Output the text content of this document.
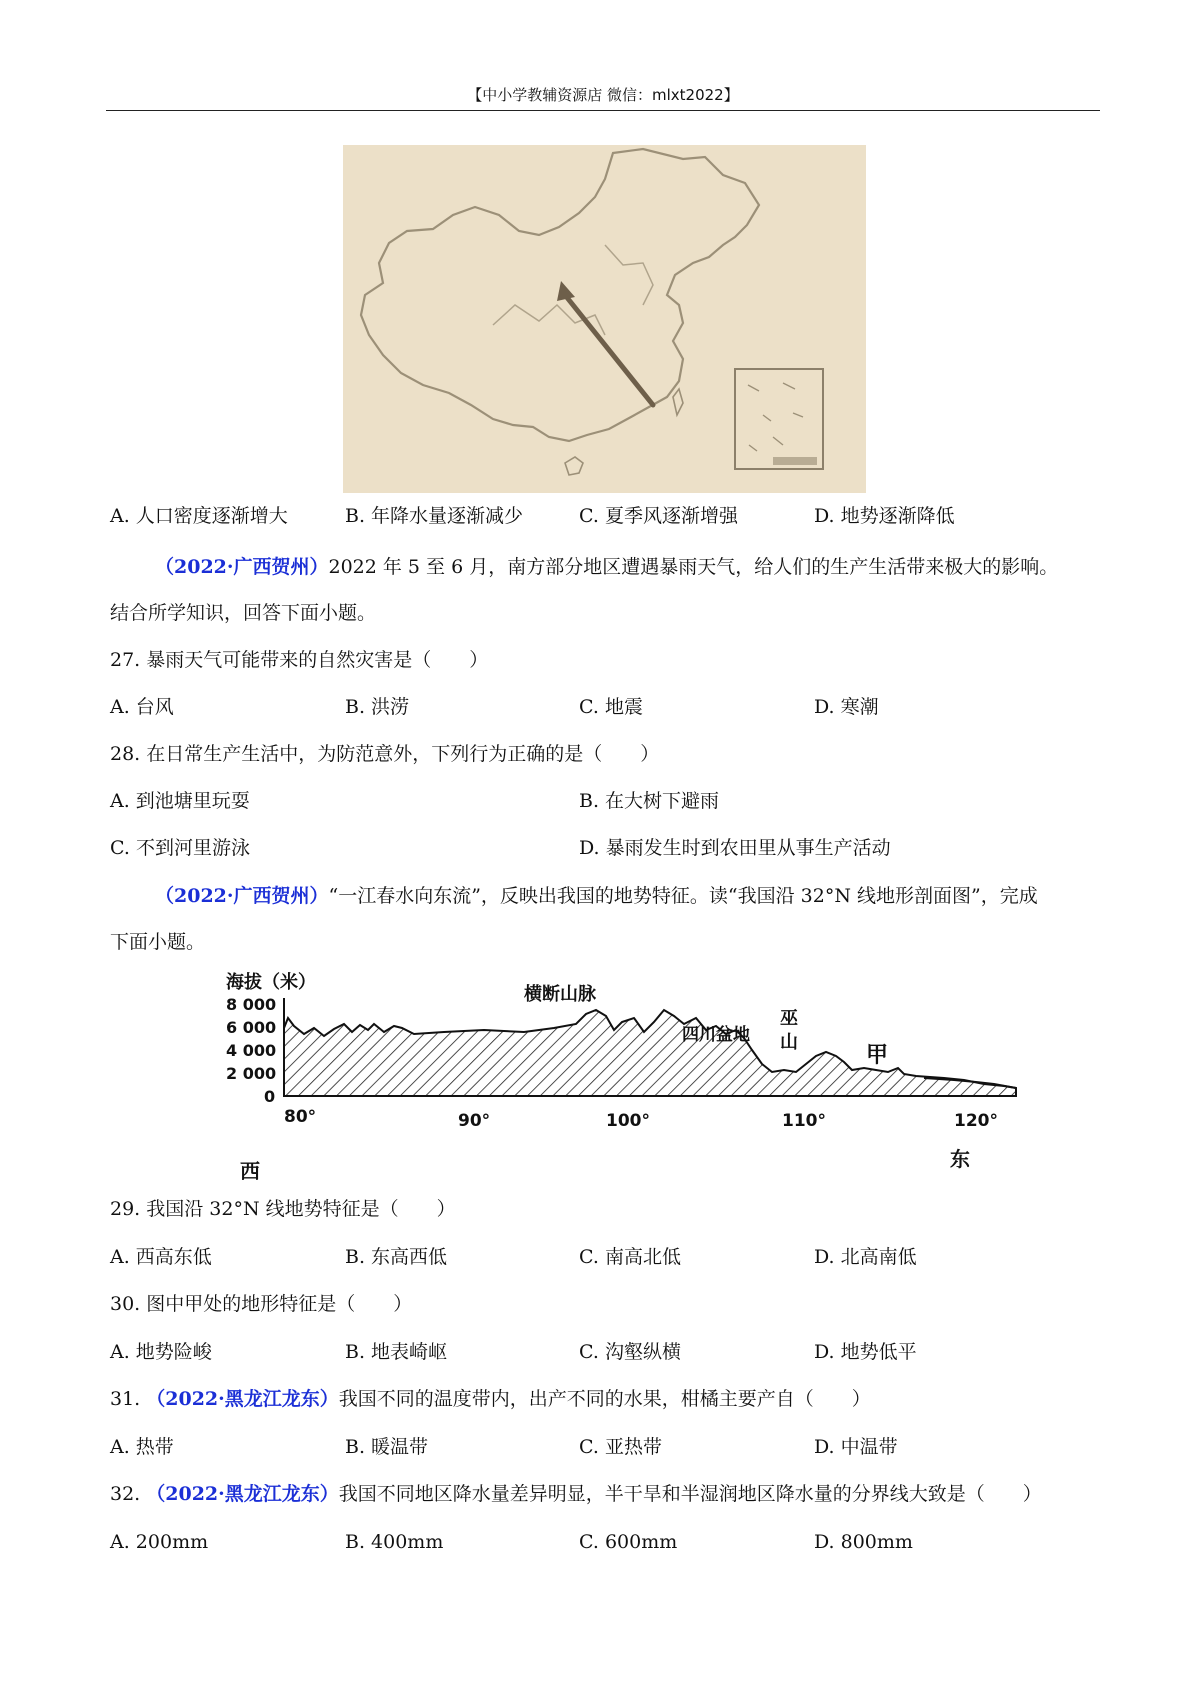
【中小学教辅资源店 微信：mlxt2022】
A. 人口密度逐渐增大	B. 年降水量逐渐减少	C. 夏季风逐渐增强	D. 地势逐渐降低
（2022·广西贺州）2022 年 5 至 6 月，南方部分地区遭遇暴雨天气，给人们的生产生活带来极大的影响。
结合所学知识，回答下面小题。
27. 暴雨天气可能带来的自然灾害是（　　）
A. 台风	B. 洪涝	C. 地震	D. 寒潮
28. 在日常生产生活中，为防范意外，下列行为正确的是（　　）
A. 到池塘里玩耍	B. 在大树下避雨
C. 不到河里游泳	D. 暴雨发生时到农田里从事生产活动
（2022·广西贺州）“一江春水向东流”，反映出我国的地势特征。读“我国沿 32°N 线地形剖面图”，完成
下面小题。
海拔（米）
8 000
6 000
4 000
2 000
0
80°	90°	100°	110°	120°
横断山脉
四川盆地
巫
山
甲
西	东
29. 我国沿 32°N 线地势特征是（　　）
A. 西高东低	B. 东高西低	C. 南高北低	D. 北高南低
30. 图中甲处的地形特征是（　　）
A. 地势险峻	B. 地表崎岖	C. 沟壑纵横	D. 地势低平
31. （2022·黑龙江龙东）我国不同的温度带内，出产不同的水果，柑橘主要产自（　　）
A. 热带	B. 暖温带	C. 亚热带	D. 中温带
32. （2022·黑龙江龙东）我国不同地区降水量差异明显，半干旱和半湿润地区降水量的分界线大致是（　　）
A. 200mm	B. 400mm	C. 600mm	D. 800mm
